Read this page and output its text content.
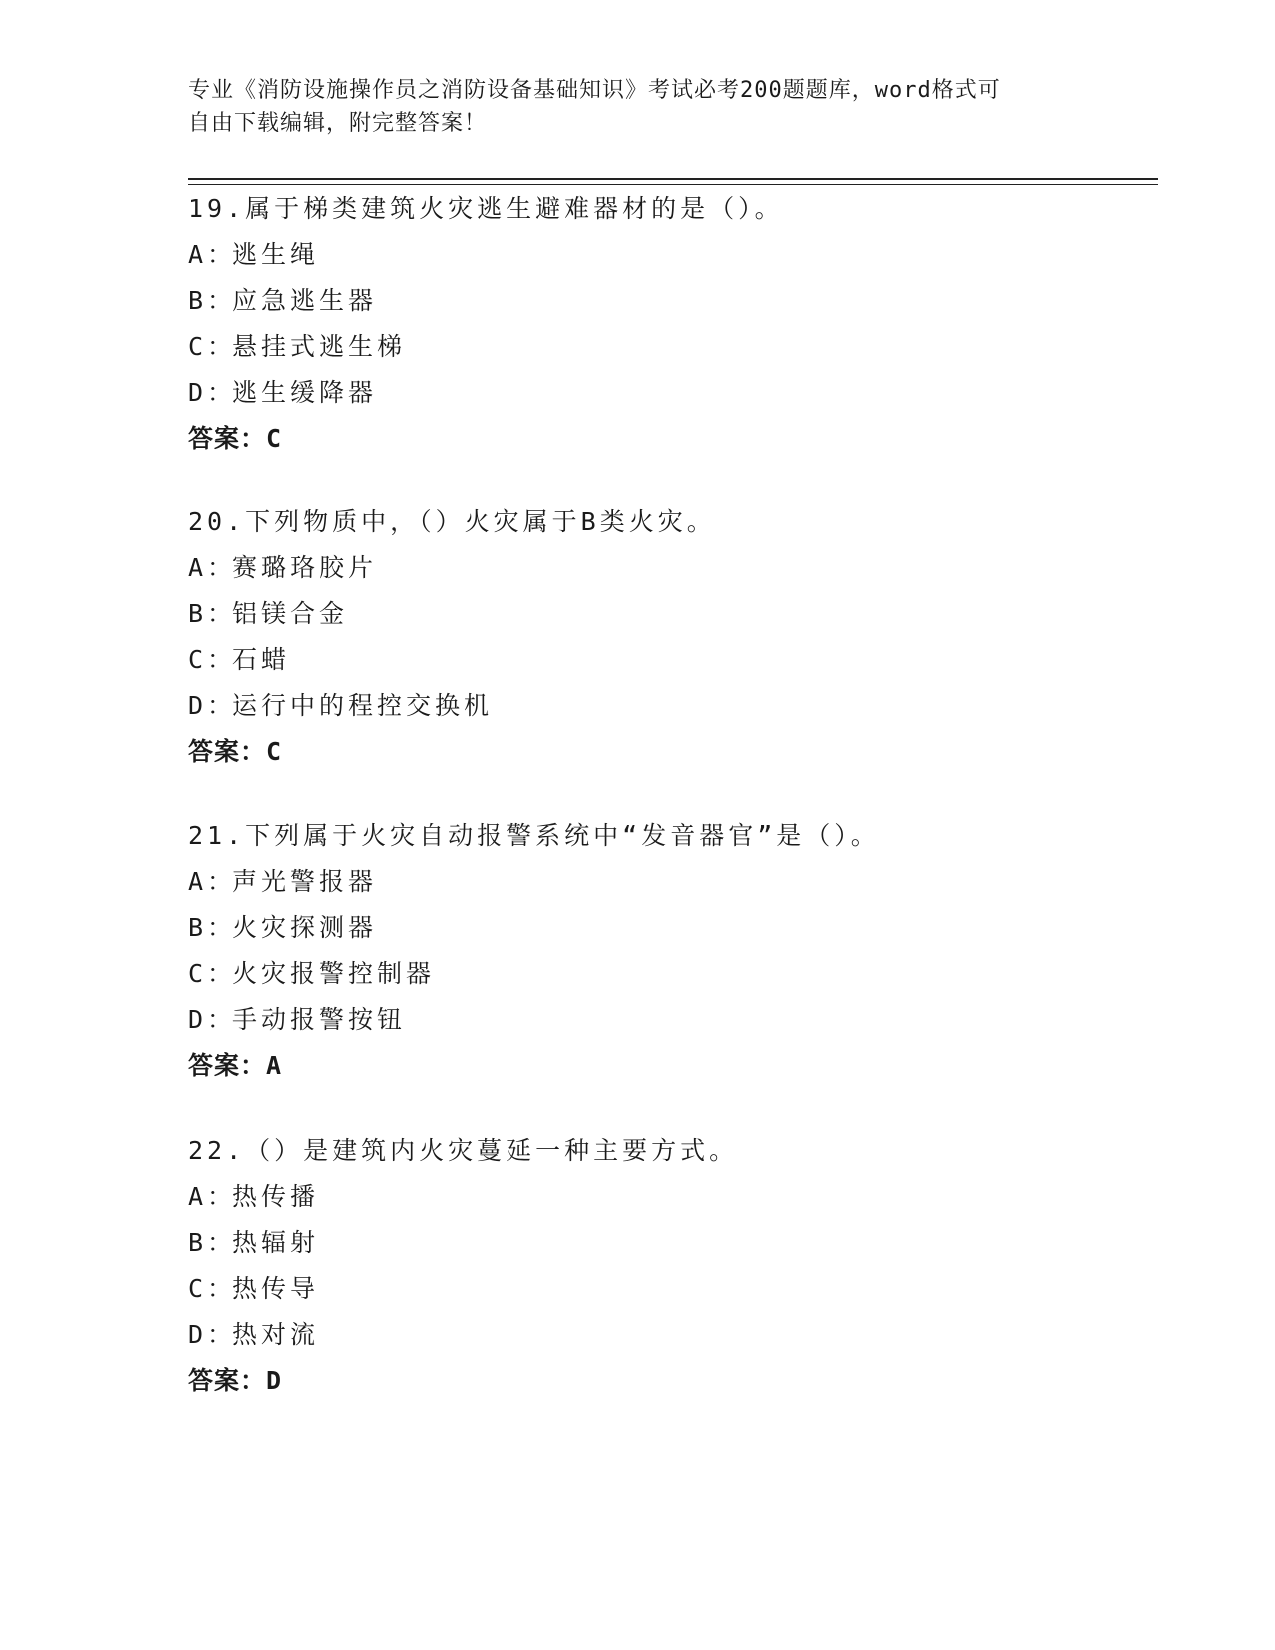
专业《消防设施操作员之消防设备基础知识》考试必考200题题库，word格式可
自由下载编辑，附完整答案！
19.属于梯类建筑火灾逃生避难器材的是（）。
A：逃生绳
B：应急逃生器
C：悬挂式逃生梯
D：逃生缓降器
答案：C
20.下列物质中，（）火灾属于B类火灾。
A：赛璐珞胶片
B：铝镁合金
C：石蜡
D：运行中的程控交换机
答案：C
21.下列属于火灾自动报警系统中“发音器官”是（）。
A：声光警报器
B：火灾探测器
C：火灾报警控制器
D：手动报警按钮
答案：A
22.（）是建筑内火灾蔓延一种主要方式。
A：热传播
B：热辐射
C：热传导
D：热对流
答案：D
